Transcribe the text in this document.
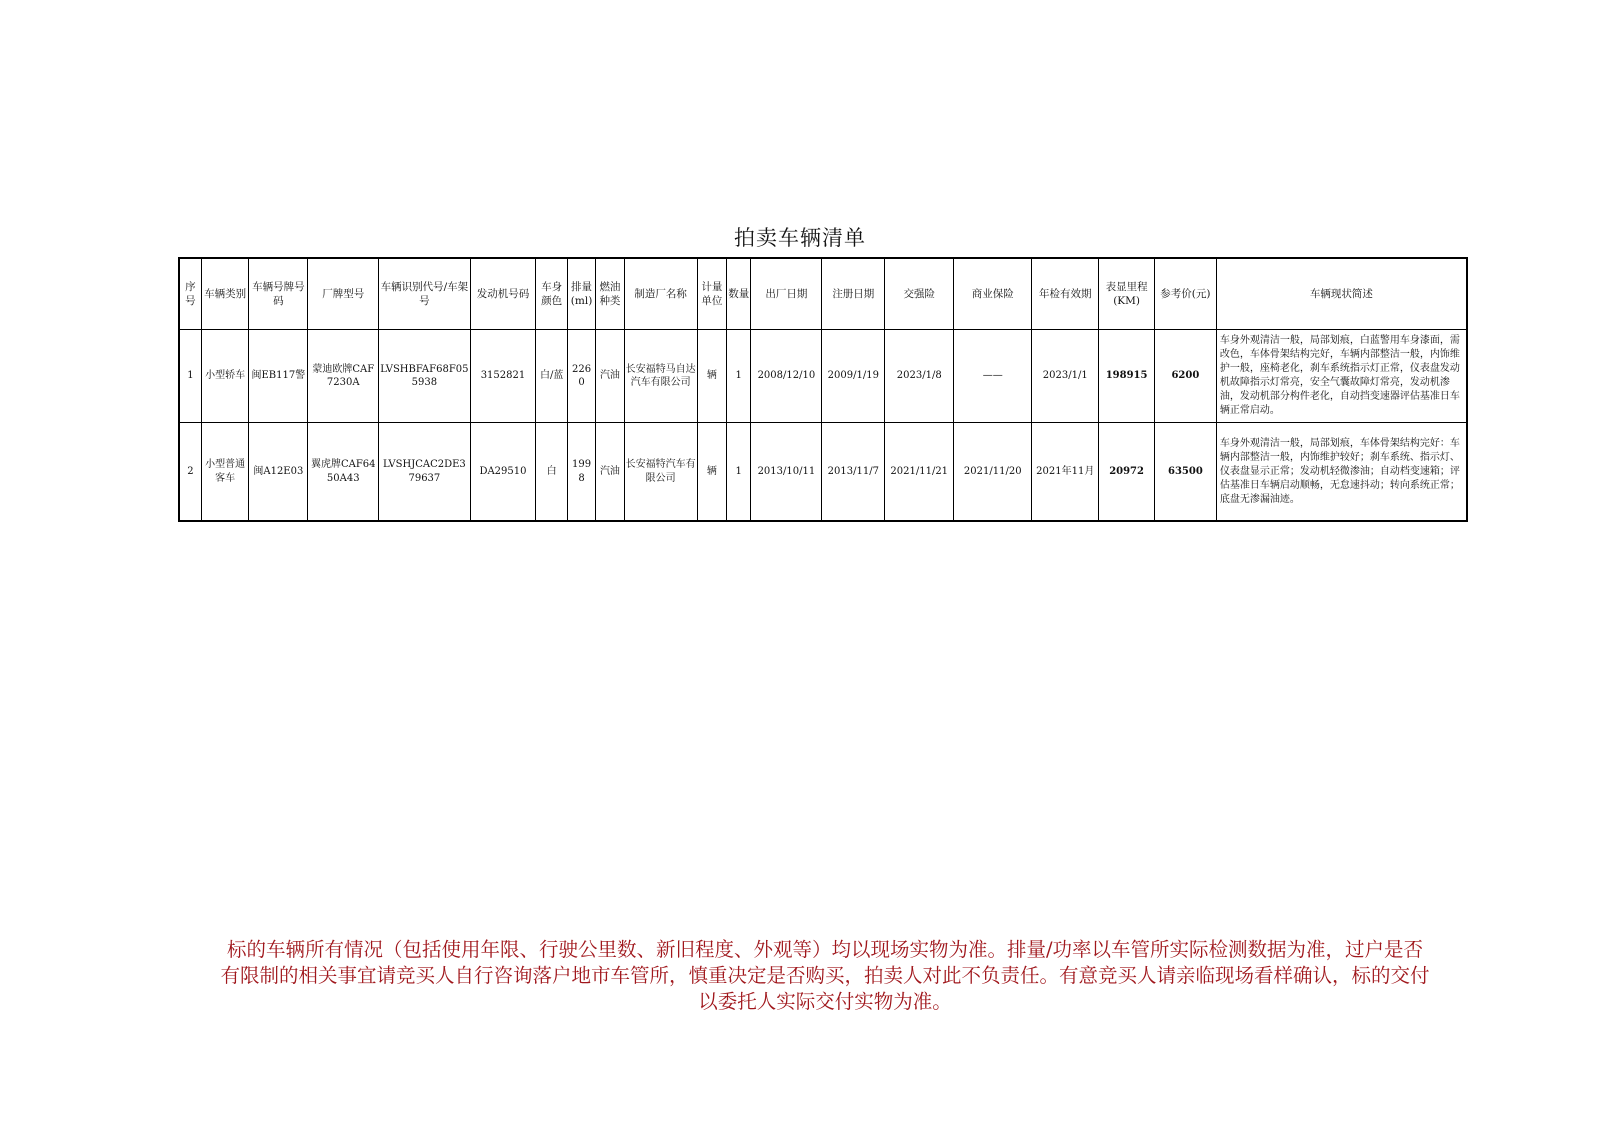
拍卖车辆清单
序号	车辆类别	车辆号牌号码	厂牌型号	车辆识别代号/车架号	发动机号码	车身颜色	排量(ml)	燃油种类	制造厂名称	计量单位	数量	出厂日期	注册日期	交强险	商业保险	年检有效期	表显里程(KM)	参考价(元)	车辆现状简述
1	小型轿车	闽EB117警	蒙迪欧牌CAF7230A	LVSHBFAF68F055938	3152821	白/蓝	2260	汽油	长安福特马自达汽车有限公司	辆	1	2008/12/10	2009/1/19	2023/1/8	——	2023/1/1	198915	6200	车身外观清洁一般，局部划痕，白蓝警用车身漆面，需改色，车体骨架结构完好，车辆内部整洁一般，内饰维护一般，座椅老化，刹车系统指示灯正常，仪表盘发动机故障指示灯常亮，安全气囊故障灯常亮，发动机渗油，发动机部分构件老化，自动挡变速器评估基准日车辆正常启动。
2	小型普通客车	闽A12E03	翼虎牌CAF6450A43	LVSHJCAC2DE379637	DA29510	白	1998	汽油	长安福特汽车有限公司	辆	1	2013/10/11	2013/11/7	2021/11/21	2021/11/20	2021年11月	20972	63500	车身外观清洁一般，局部划痕，车体骨架结构完好：车辆内部整洁一般，内饰维护较好；刹车系统、指示灯、仪表盘显示正常；发动机轻微渗油；自动档变速箱；评估基准日车辆启动顺畅，无怠速抖动；转向系统正常；底盘无渗漏油迹。
标的车辆所有情况（包括使用年限、行驶公里数、新旧程度、外观等）均以现场实物为准。排量/功率以车管所实际检测数据为准，过户是否有限制的相关事宜请竞买人自行咨询落户地市车管所，慎重决定是否购买，拍卖人对此不负责任。有意竞买人请亲临现场看样确认，标的交付以委托人实际交付实物为准。
